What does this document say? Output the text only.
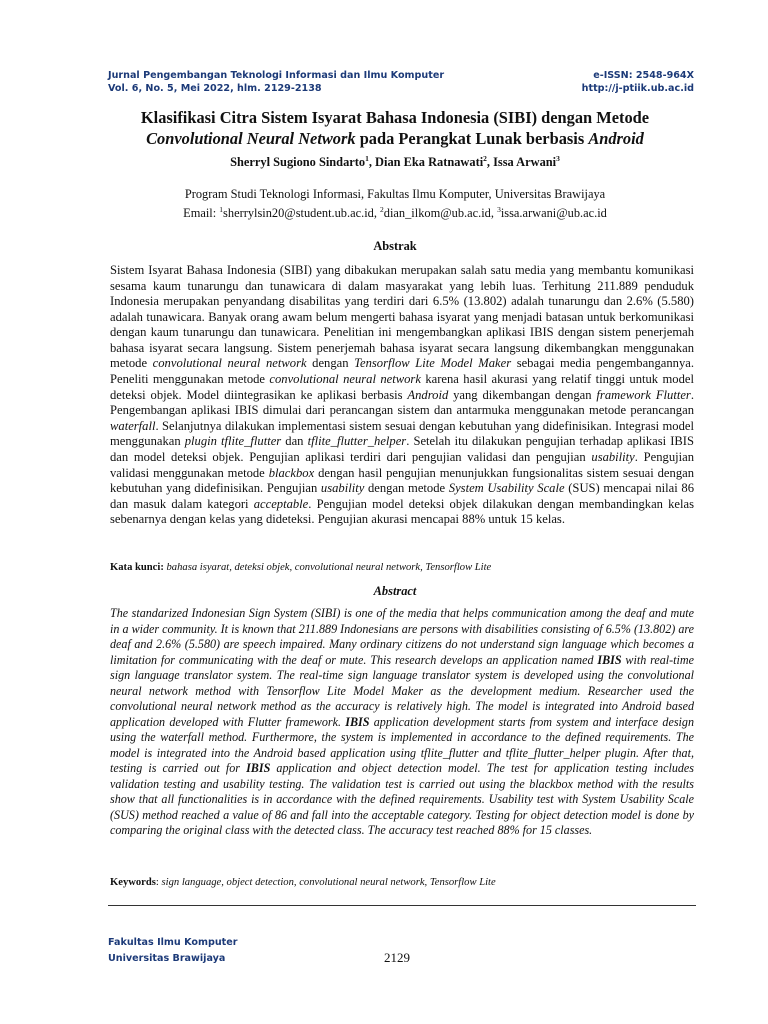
Jurnal Pengembangan Teknologi Informasi dan Ilmu Komputer
Vol. 6, No. 5, Mei 2022, hlm. 2129-2138
e-ISSN: 2548-964X
http://j-ptiik.ub.ac.id
Klasifikasi Citra Sistem Isyarat Bahasa Indonesia (SIBI) dengan Metode
Convolutional Neural Network pada Perangkat Lunak berbasis Android
Sherryl Sugiono Sindarto$^1$, Dian Eka Ratnawati$^2$, Issa Arwani$^3$
Program Studi Teknologi Informasi, Fakultas Ilmu Komputer, Universitas Brawijaya
Email: $^1$sherrylsin20@student.ub.ac.id, $^2$dian_ilkom@ub.ac.id, $^3$issa.arwani@ub.ac.id
Abstrak
Sistem Isyarat Bahasa Indonesia (SIBI) yang dibakukan merupakan salah satu media yang membantu komunikasi sesama kaum tunarungu dan tunawicara di dalam masyarakat yang lebih luas. Terhitung 211.889 penduduk Indonesia merupakan penyandang disabilitas yang terdiri dari 6.5% (13.802) adalah tunarungu dan 2.6% (5.580) adalah tunawicara. Banyak orang awam belum mengerti bahasa isyarat yang menjadi batasan untuk berkomunikasi dengan kaum tunarungu dan tunawicara. Penelitian ini mengembangkan aplikasi IBIS dengan sistem penerjemah bahasa isyarat secara langsung. Sistem penerjemah bahasa isyarat secara langsung dikembangkan menggunakan metode convolutional neural network dengan Tensorflow Lite Model Maker sebagai media pengembangannya. Peneliti menggunakan metode convolutional neural network karena hasil akurasi yang relatif tinggi untuk model deteksi objek. Model diintegrasikan ke aplikasi berbasis Android yang dikembangan dengan framework Flutter. Pengembangan aplikasi IBIS dimulai dari perancangan sistem dan antarmuka menggunakan metode perancangan waterfall. Selanjutnya dilakukan implementasi sistem sesuai dengan kebutuhan yang didefinisikan. Integrasi model menggunakan plugin tflite_flutter dan tflite_flutter_helper. Setelah itu dilakukan pengujian terhadap aplikasi IBIS dan model deteksi objek. Pengujian aplikasi terdiri dari pengujian validasi dan pengujian usability. Pengujian validasi menggunakan metode blackbox dengan hasil pengujian menunjukkan fungsionalitas sistem sesuai dengan kebutuhan yang didefinisikan. Pengujian usability dengan metode System Usability Scale (SUS) mencapai nilai 86 dan masuk dalam kategori acceptable. Pengujian model deteksi objek dilakukan dengan membandingkan kelas sebenarnya dengan kelas yang dideteksi. Pengujian akurasi mencapai 88% untuk 15 kelas.
Kata kunci: bahasa isyarat, deteksi objek, convolutional neural network, Tensorflow Lite
Abstract
The standarized Indonesian Sign System (SIBI) is one of the media that helps communication among the deaf and mute in a wider community. It is known that 211.889 Indonesians are persons with disabilities consisting of 6.5% (13.802) are deaf and 2.6% (5.580) are speech impaired. Many ordinary citizens do not understand sign language which becomes a limitation for communicating with the deaf or mute. This research develops an application named IBIS with real-time sign language translator system. The real-time sign language translator system is developed using the convolutional neural network method with Tensorflow Lite Model Maker as the development medium. Researcher used the convolutional neural network method as the accuracy is relatively high. The model is integrated into Android based application developed with Flutter framework. IBIS application development starts from system and interface design using the waterfall method. Furthermore, the system is implemented in accordance to the defined requirements. The model is integrated into the Android based application using tflite_flutter and tflite_flutter_helper plugin. After that, testing is carried out for IBIS application and object detection model. The test for application testing includes validation testing and usability testing. The validation test is carried out using the blackbox method with the results show that all functionalities is in accordance with the defined requirements. Usability test with System Usability Scale (SUS) method reached a value of 86 and fall into the acceptable category. Testing for object detection model is done by comparing the original class with the detected class. The accuracy test reached 88% for 15 classes.
Keywords: sign language, object detection, convolutional neural network, Tensorflow Lite
Fakultas Ilmu Komputer
Universitas Brawijaya	2129
